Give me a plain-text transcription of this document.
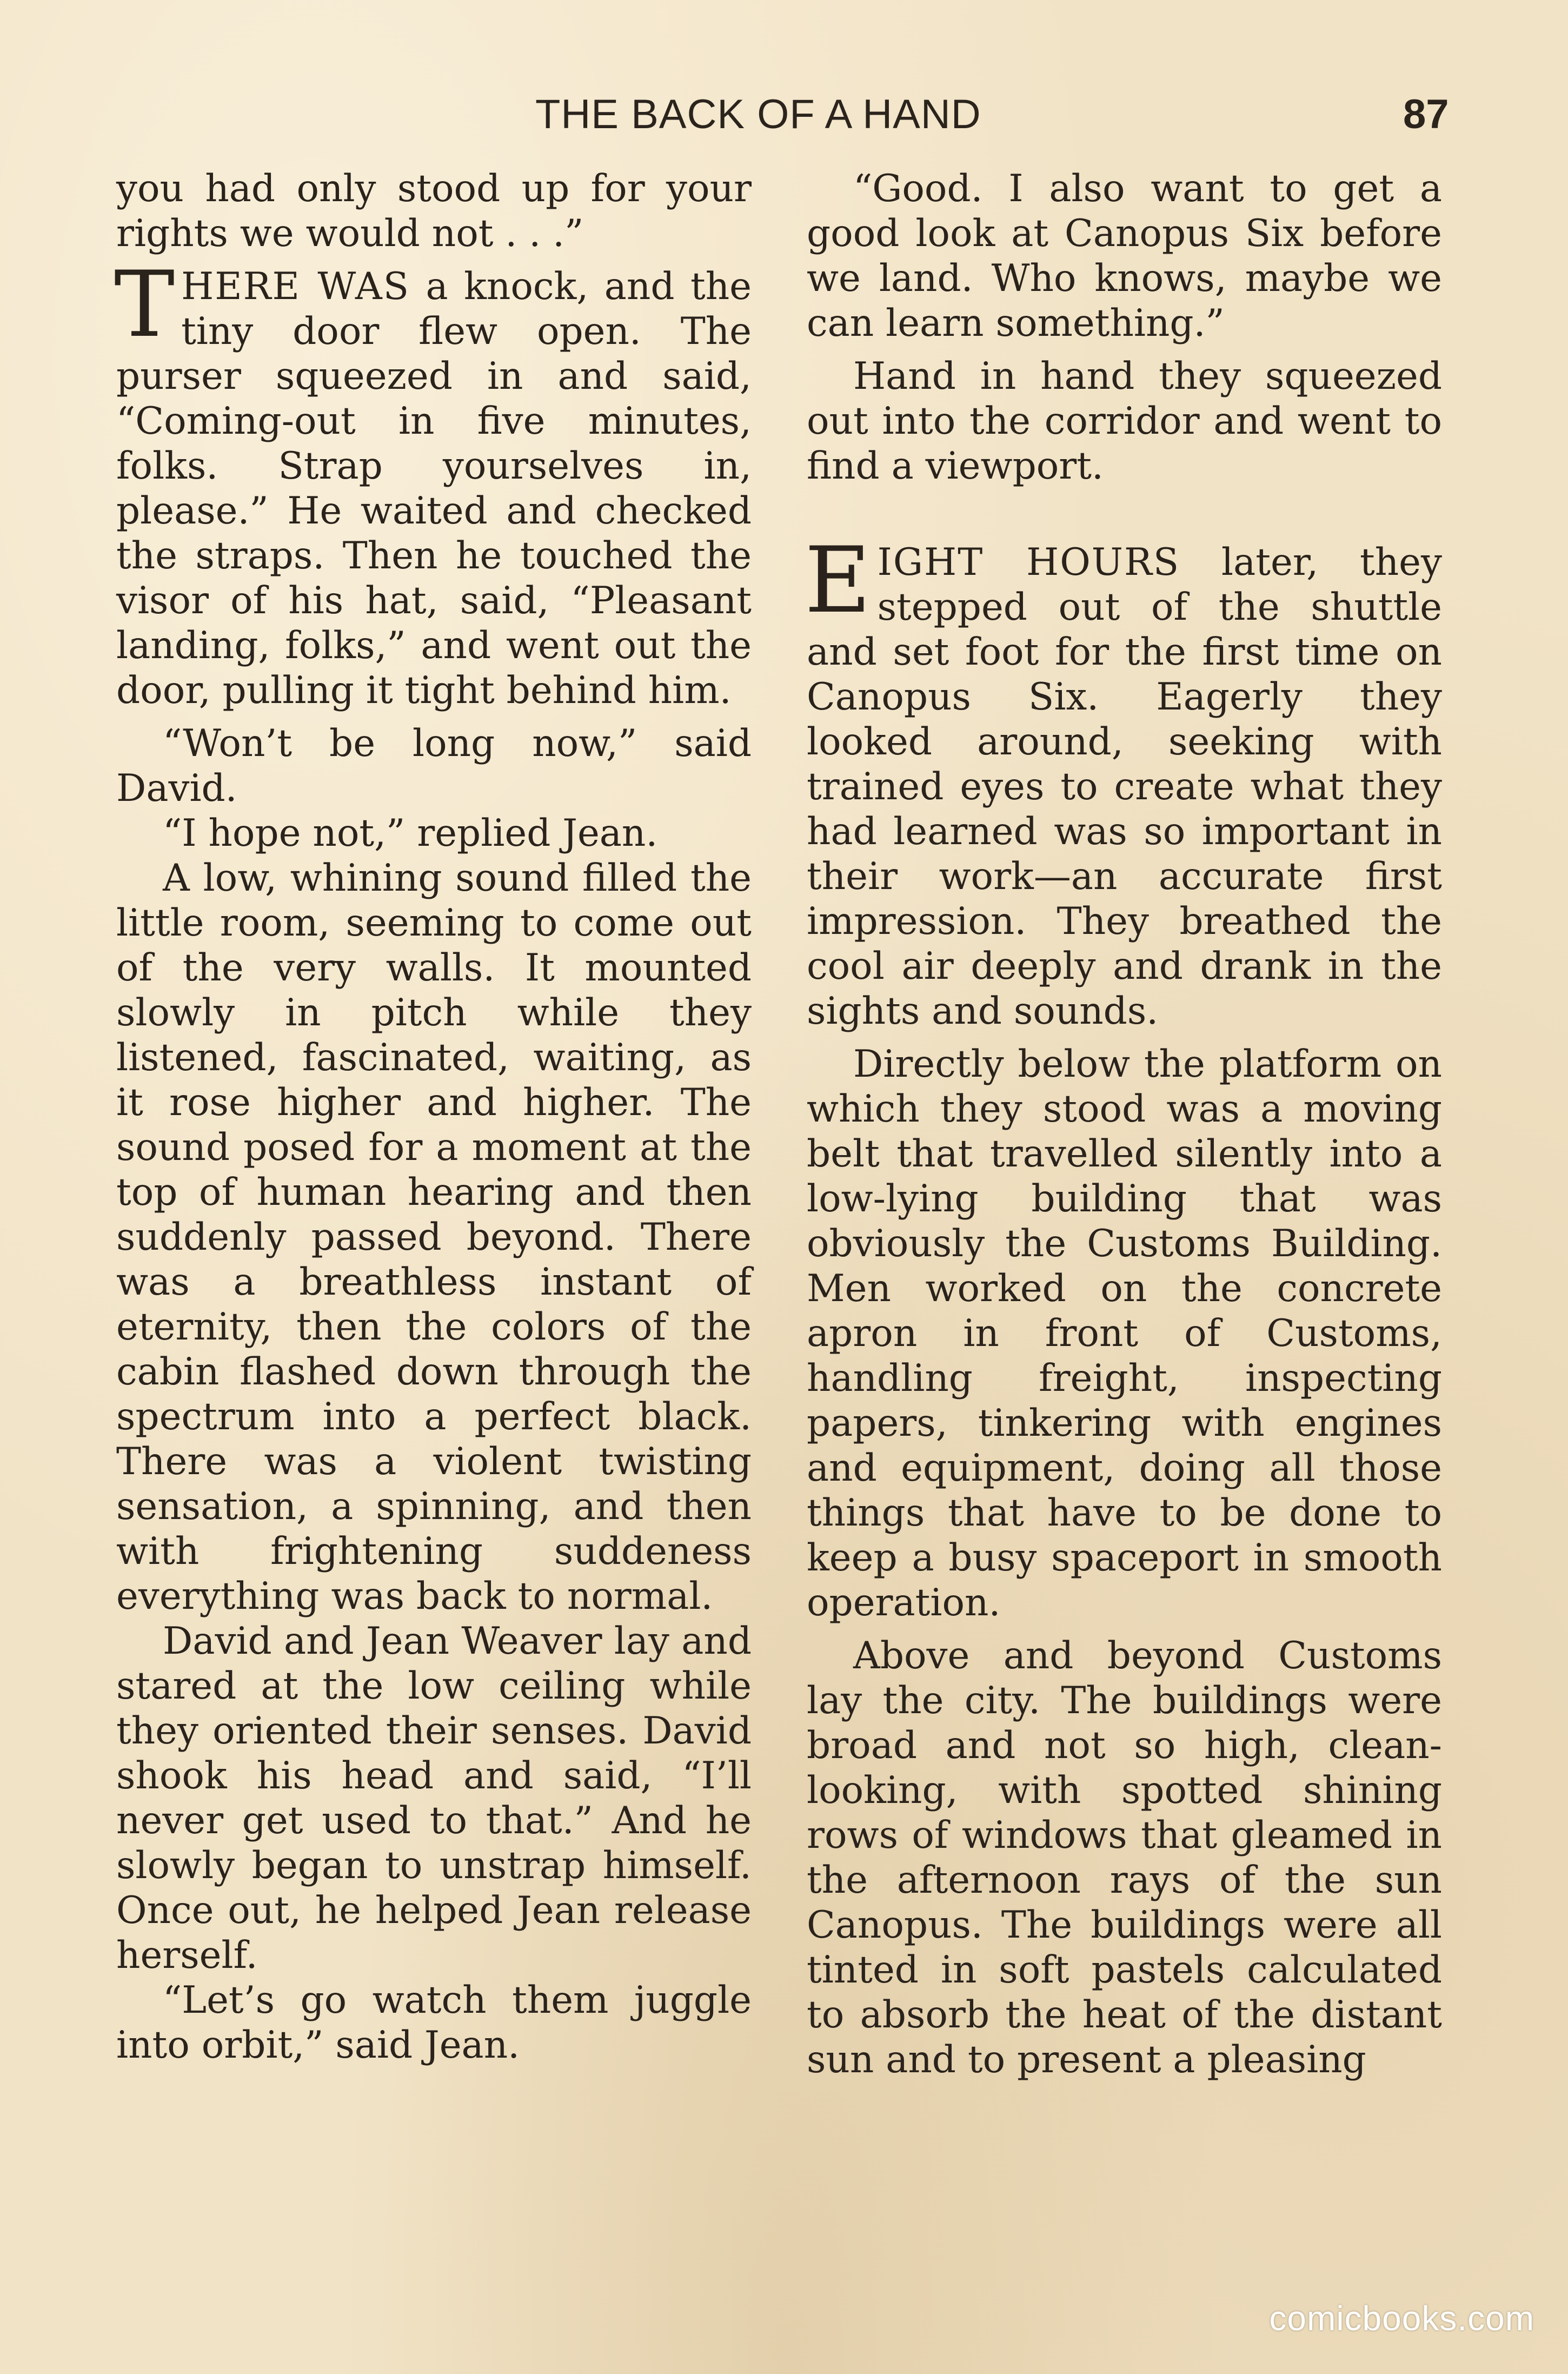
THE BACK OF A HAND	87

you had only stood up for your rights we would not . . .”

THERE WAS a knock, and the tiny door flew open. The purser squeezed in and said, “Coming-out in five minutes, folks. Strap yourselves in, please.” He waited and checked the straps. Then he touched the visor of his hat, said, “Pleasant landing, folks,” and went out the door, pulling it tight behind him.

“Won’t be long now,” said David.

“I hope not,” replied Jean.

A low, whining sound filled the little room, seeming to come out of the very walls. It mounted slowly in pitch while they listened, fascinated, waiting, as it rose higher and higher. The sound posed for a moment at the top of human hearing and then suddenly passed beyond. There was a breathless instant of eternity, then the colors of the cabin flashed down through the spectrum into a perfect black. There was a violent twisting sensation, a spinning, and then with frightening suddeness everything was back to normal.

David and Jean Weaver lay and stared at the low ceiling while they oriented their senses. David shook his head and said, “I’ll never get used to that.” And he slowly began to unstrap himself. Once out, he helped Jean release herself.

“Let’s go watch them juggle into orbit,” said Jean.

“Good. I also want to get a good look at Canopus Six before we land. Who knows, maybe we can learn something.”

Hand in hand they squeezed out into the corridor and went to find a viewport.

EIGHT HOURS later, they stepped out of the shuttle and set foot for the first time on Canopus Six. Eagerly they looked around, seeking with trained eyes to create what they had learned was so important in their work—an accurate first impression. They breathed the cool air deeply and drank in the sights and sounds.

Directly below the platform on which they stood was a moving belt that travelled silently into a low-lying building that was obviously the Customs Building. Men worked on the concrete apron in front of Customs, handling freight, inspecting papers, tinkering with engines and equipment, doing all those things that have to be done to keep a busy spaceport in smooth operation.

Above and beyond Customs lay the city. The buildings were broad and not so high, clean-looking, with spotted shining rows of windows that gleamed in the afternoon rays of the sun Canopus. The buildings were all tinted in soft pastels calculated to absorb the heat of the distant sun and to present a pleasing

comicbooks.com
